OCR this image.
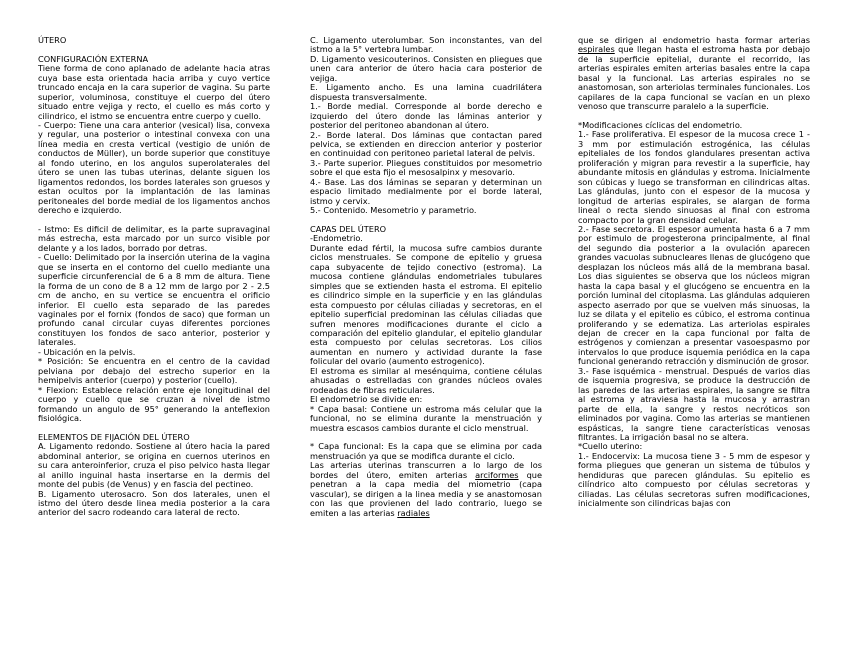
ÚTERO

CONFIGURACIÓN EXTERNA

Tiene forma de cono aplanado de adelante hacia atras cuya base esta orientada hacia arriba y cuyo vertice truncado encaja en la cara superior de vagina. Su parte superior, voluminosa, constituye el cuerpo del útero situado entre vejiga y recto, el cuello es más corto y cilindrico, el istmo se encuentra entre cuerpo y cuello.

- Cuerpo: Tiene una cara anterior (vesical) lisa, convexa y regular, una posterior o intestinal convexa con una línea media en cresta vertical (vestigio de unión de conductos de Müller), un borde superior que constituye al fondo uterino, en los angulos superolaterales del útero se unen las tubas uterinas, delante siguen los ligamentos redondos, los bordes laterales son gruesos y estan ocultos por la implantación de las laminas peritoneales del borde medial de los ligamentos anchos derecho e izquierdo.

- Istmo: Es dificil de delimitar, es la parte supravaginal más estrecha, esta marcado por un surco visible por delante y a los lados, borrado por detras.

- Cuello: Delimitado por la inserción uterina de la vagina que se inserta en el contorno del cuello mediante una superficie circunferencial de 6 a 8 mm de altura. Tiene la forma de un cono de 8 a 12 mm de largo por 2 - 2.5 cm de ancho, en su vertice se encuentra el orificio inferior. El cuello esta separado de las paredes vaginales por el fornix (fondos de saco) que forman un profundo canal circular cuyas diferentes porciones constituyen los fondos de saco anterior, posterior y laterales.

- Ubicación en la pelvis.

* Posición: Se encuentra en el centro de la cavidad pelviana por debajo del estrecho superior en la hemipelvis anterior (cuerpo) y posterior (cuello).

* Flexion: Establece relación entre eje longitudinal del cuerpo y cuello que se cruzan a nivel de istmo formando un angulo de 95° generando la anteflexion fisiológica.

ELEMENTOS DE FIJACIÓN DEL ÚTERO

A. Ligamento redondo. Sostiene al útero hacia la pared abdominal anterior, se origina en cuernos uterinos en su cara anteroinferior, cruza el piso pelvico hasta llegar al anillo inguinal hasta insertarse en la dermis del monte del pubis (de Venus) y en fascia del pectineo.

B. Ligamento uterosacro. Son dos laterales, unen el istmo del útero desde linea media posterior a la cara anterior del sacro rodeando cara lateral de recto.

C. Ligamento uterolumbar. Son inconstantes, van del istmo a la 5° vertebra lumbar.

D. Ligamento vesicouterinos. Consisten en pliegues que unen cara anterior de útero hacia cara posterior de vejiga.

E. Ligamento ancho. Es una lamina cuadrilátera dispuesta transversalmente.

1.- Borde medial. Corresponde al borde derecho e izquierdo del útero donde las láminas anterior y posterior del peritoneo abandonan al útero.

2.- Borde lateral. Dos láminas que contactan pared pelvica, se extienden en direccion anterior y posterior en continuidad con peritoneo parietal lateral de pelvis.

3.- Parte superior. Pliegues constituidos por mesometrio sobre el que esta fijo el mesosalpinx y mesovario.

4.- Base. Las dos láminas se separan y determinan un espacio limitado medialmente por el borde lateral, istmo y cervix.

5.- Contenido. Mesometrio y parametrio.

CAPAS DEL ÚTERO

-Endometrio.

Durante edad fértil, la mucosa sufre cambios durante ciclos menstruales. Se compone de epitelio y gruesa capa subyacente de tejido conectivo (estroma). La mucosa contiene glándulas endometriales tubulares simples que se extienden hasta el estroma. El epitelio es cilindrico simple en la superficie y en las glándulas esta compuesto por células ciliadas y secretoras, en el epitelio superficial predominan las células ciliadas que sufren menores modificaciones durante el ciclo a comparación del epitelio glandular, el epitelio glandular esta compuesto por celulas secretoras. Los cilios aumentan en numero y actividad durante la fase folicular del ovario (aumento estrogenico).

El estroma es similar al mesénquima, contiene células ahusadas o estrelladas con grandes núcleos ovales rodeadas de fibras reticulares.

El endometrio se divide en:

* Capa basal: Contiene un estroma más celular que la funcional, no se elimina durante la menstruación y muestra escasos cambios durante el ciclo menstrual.

* Capa funcional: Es la capa que se elimina por cada menstruación ya que se modifica durante el ciclo.

Las arterias uterinas transcurren a lo largo de los bordes del útero, emiten arterias arciformes que penetran a la capa media del miometrio (capa vascular), se dirigen a la linea media y se anastomosan con las que provienen del lado contrario, luego se emiten a las arterias radiales

que se dirigen al endometrio hasta formar arterias espirales que llegan hasta el estroma hasta por debajo de la superficie epitelial, durante el recorrido, las arterias espirales emiten arterias basales entre la capa basal y la funcional. Las arterias espirales no se anastomosan, son arteriolas terminales funcionales. Los capilares de la capa funcional se vacían en un plexo venoso que transcurre paralelo a la superficie.

*Modificaciones cíclicas del endometrio.

1.- Fase proliferativa. El espesor de la mucosa crece 1 - 3 mm por estimulación estrogénica, las células epiteliales de los fondos glandulares presentan activa proliferación y migran para revestir a la superficie, hay abundante mitosis en glándulas y estroma. Inicialmente son cúbicas y luego se transforman en cilindricas altas. Las glándulas, junto con el espesor de la mucosa y longitud de arterias espirales, se alargan de forma lineal o recta siendo sinuosas al final con estroma compacto por la gran densidad celular.

2.- Fase secretora. El espesor aumenta hasta 6 a 7 mm por estimulo de progesterona principalmente, al final del segundo dia posterior a la ovulación aparecen grandes vacuolas subnucleares llenas de glucógeno que desplazan los núcleos más allá de la membrana basal. Los dias siguientes se observa que los núcleos migran hasta la capa basal y el glucógeno se encuentra en la porción luminal del citoplasma. Las glándulas adquieren aspecto aserrado por que se vuelven más sinuosas, la luz se dilata y el epitelio es cúbico, el estroma continua proliferando y se edematiza. Las arteriolas espirales dejan de crecer en la capa funcional por falta de estrógenos y comienzan a presentar vasoespasmo por intervalos lo que produce isquemia periódica en la capa funcional generando retracción y disminución de grosor.

3.- Fase isquémica - menstrual. Después de varios dias de isquemia progresiva, se produce la destrucción de las paredes de las arterias espirales, la sangre se filtra al estroma y atraviesa hasta la mucosa y arrastran parte de ella, la sangre y restos necróticos son eliminados por vagina. Como las arterias se mantienen espásticas, la sangre tiene características venosas filtrantes. La irrigación basal no se altera.

*Cuello uterino:

1.- Endocervix: La mucosa tiene 3 - 5 mm de espesor y forma pliegues que generan un sistema de túbulos y hendiduras que parecen glándulas. Su epitelio es cilíndrico alto compuesto por células secretoras y ciliadas. Las células secretoras sufren modificaciones, inicialmente son cilindricas bajas con
